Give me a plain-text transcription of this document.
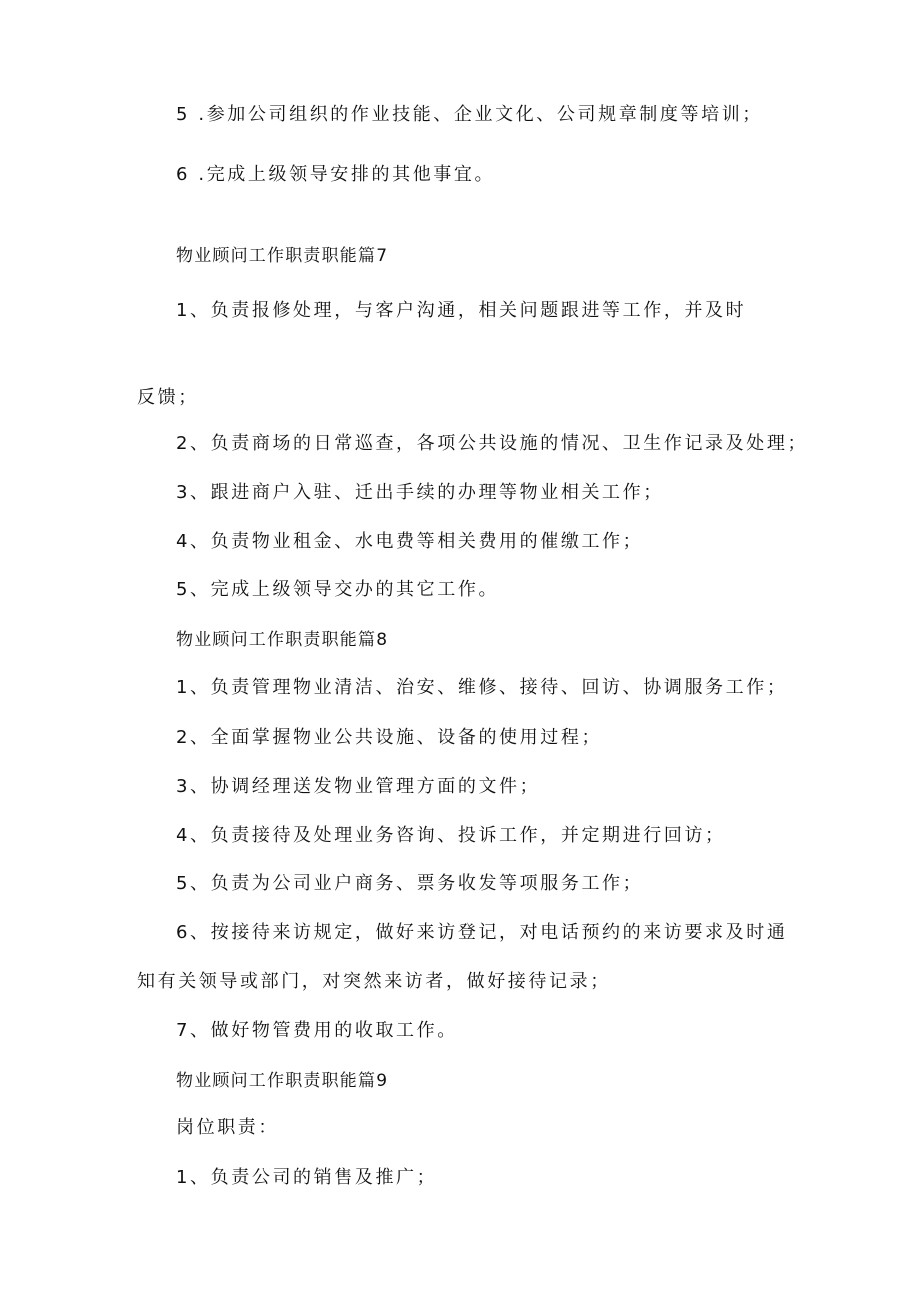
5 .参加公司组织的作业技能、企业文化、公司规章制度等培训；
6 .完成上级领导安排的其他事宜。
物业顾问工作职责职能篇7
1、负责报修处理，与客户沟通，相关问题跟进等工作，并及时
反馈；
2、负责商场的日常巡查，各项公共设施的情况、卫生作记录及处理；
3、跟进商户入驻、迁出手续的办理等物业相关工作；
4、负责物业租金、水电费等相关费用的催缴工作；
5、完成上级领导交办的其它工作。
物业顾问工作职责职能篇8
1、负责管理物业清洁、治安、维修、接待、回访、协调服务工作；
2、全面掌握物业公共设施、设备的使用过程；
3、协调经理送发物业管理方面的文件；
4、负责接待及处理业务咨询、投诉工作，并定期进行回访；
5、负责为公司业户商务、票务收发等项服务工作；
6、按接待来访规定，做好来访登记，对电话预约的来访要求及时通
知有关领导或部门，对突然来访者，做好接待记录；
7、做好物管费用的收取工作。
物业顾问工作职责职能篇9
岗位职责：
1、负责公司的销售及推广；
